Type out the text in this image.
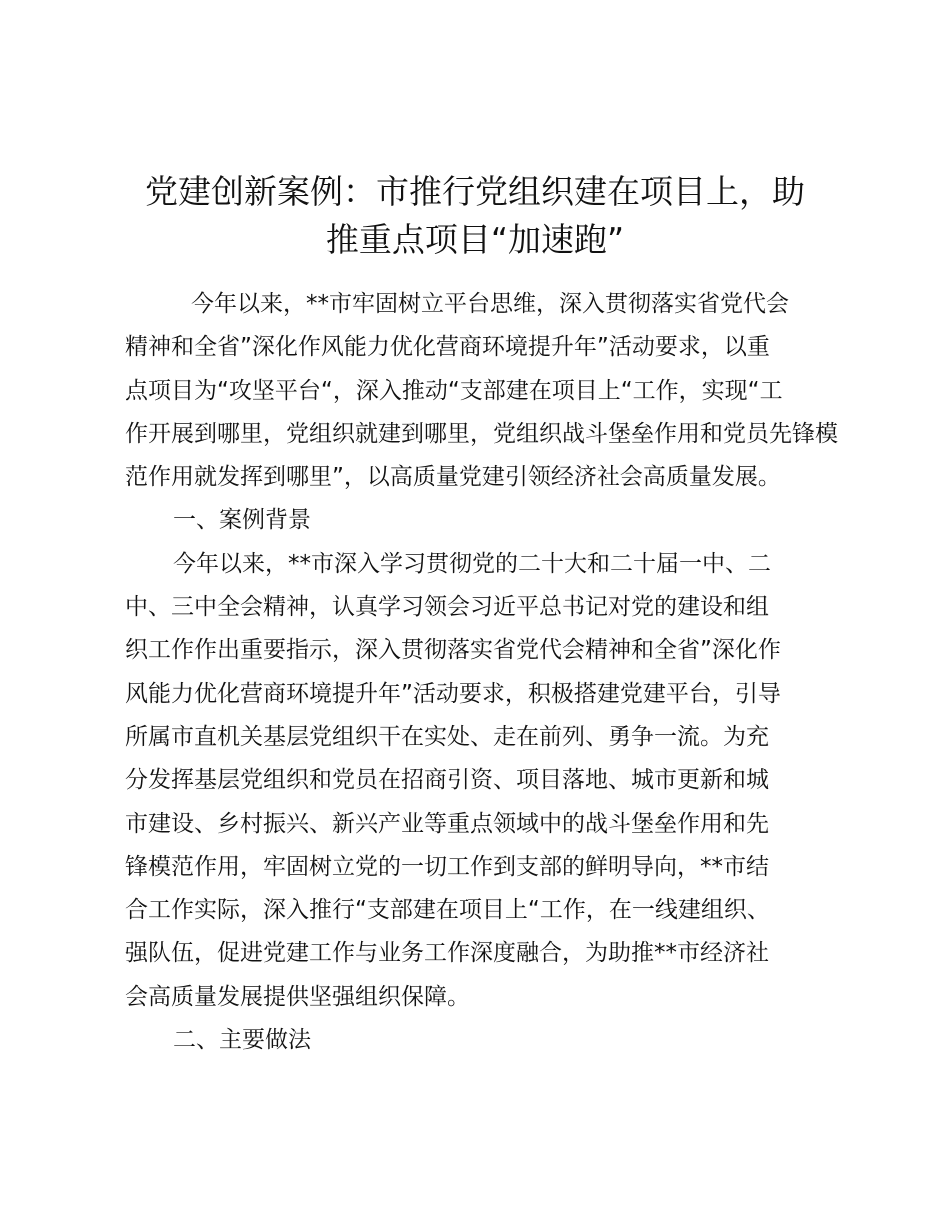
党建创新案例：市推行党组织建在项目上，助
推重点项目“加速跑”
今年以来，**市牢固树立平台思维，深入贯彻落实省党代会
精神和全省”深化作风能力优化营商环境提升年”活动要求，以重
点项目为“攻坚平台“，深入推动“支部建在项目上“工作，实现“工
作开展到哪里，党组织就建到哪里，党组织战斗堡垒作用和党员先锋模
范作用就发挥到哪里”，以高质量党建引领经济社会高质量发展。
一、案例背景
今年以来，**市深入学习贯彻党的二十大和二十届一中、二
中、三中全会精神，认真学习领会习近平总书记对党的建设和组
织工作作出重要指示，深入贯彻落实省党代会精神和全省”深化作
风能力优化营商环境提升年”活动要求，积极搭建党建平台，引导
所属市直机关基层党组织干在实处、走在前列、勇争一流。为充
分发挥基层党组织和党员在招商引资、项目落地、城市更新和城
市建设、乡村振兴、新兴产业等重点领域中的战斗堡垒作用和先
锋模范作用，牢固树立党的一切工作到支部的鲜明导向，**市结
合工作实际，深入推行“支部建在项目上“工作，在一线建组织、
强队伍，促进党建工作与业务工作深度融合，为助推**市经济社
会高质量发展提供坚强组织保障。
二、主要做法
